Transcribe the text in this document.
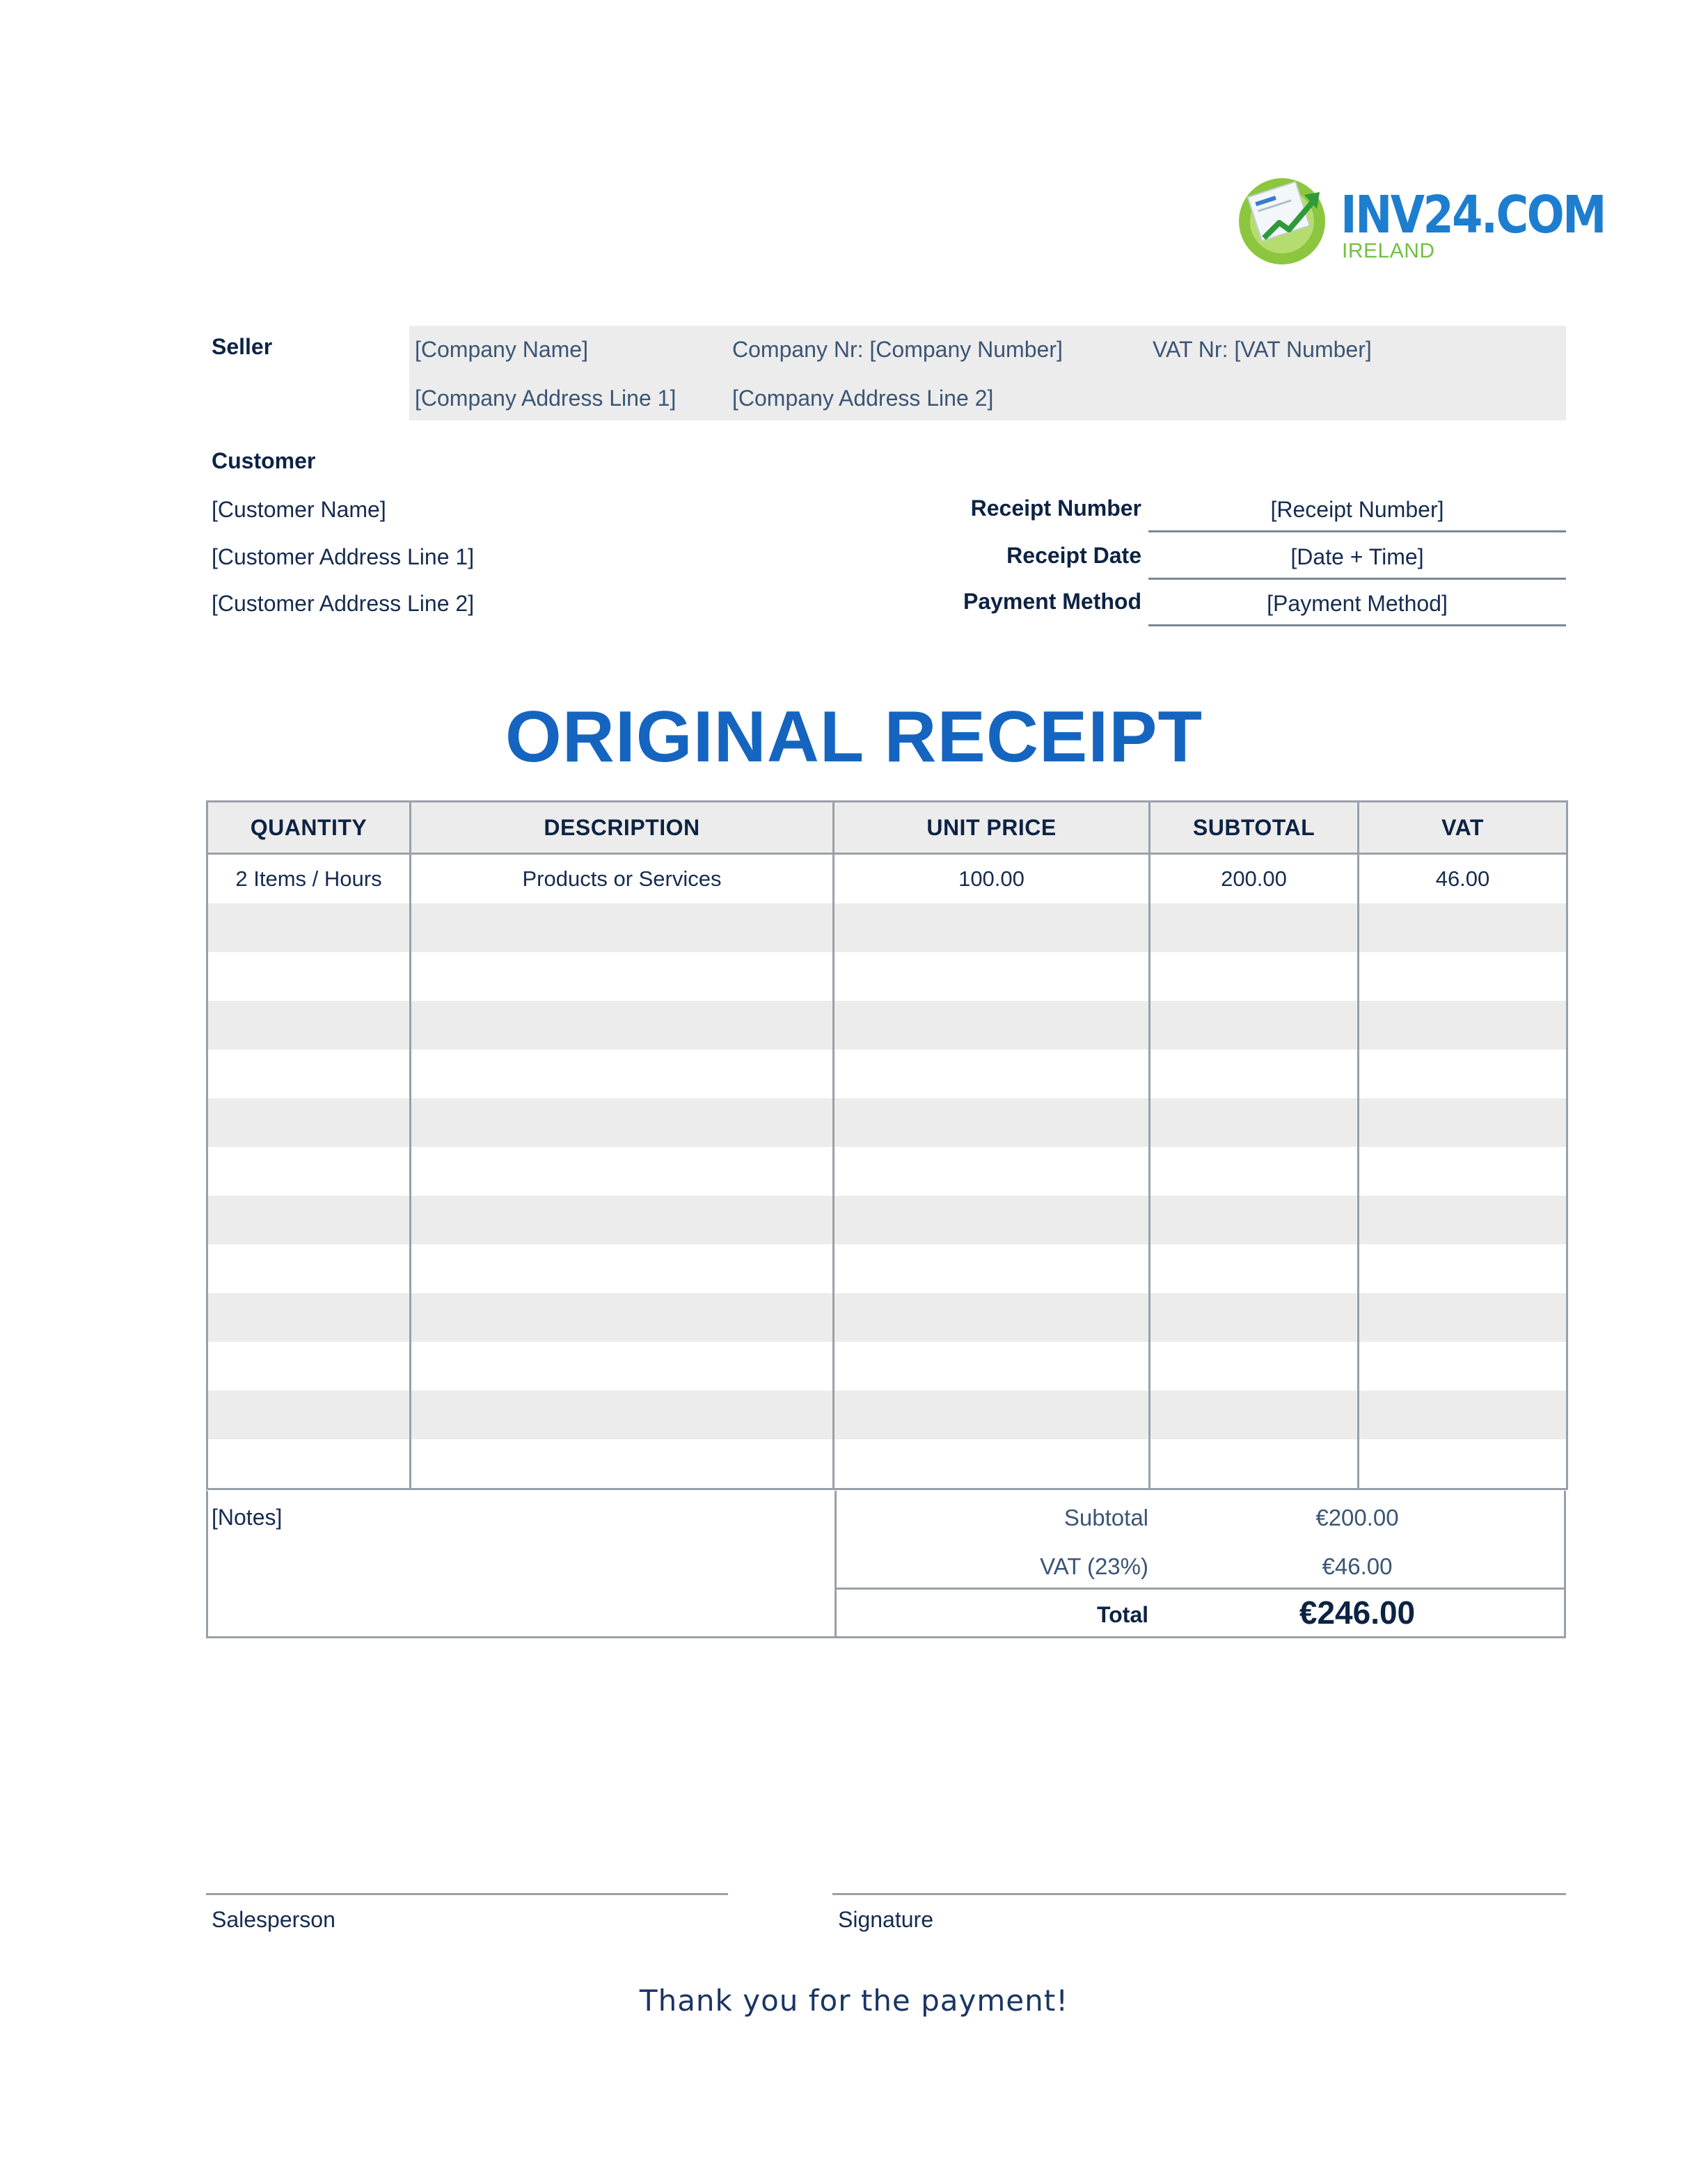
INV24.COM
IRELAND
Seller	[Company Name]	Company Nr: [Company Number]	VAT Nr: [VAT Number]
[Company Address Line 1]	[Company Address Line 2]
Customer
[Customer Name]
[Customer Address Line 1]
[Customer Address Line 2]
Receipt Number	[Receipt Number]
Receipt Date	[Date + Time]
Payment Method	[Payment Method]
ORIGINAL RECEIPT
QUANTITY	DESCRIPTION	UNIT PRICE	SUBTOTAL	VAT
2 Items / Hours	Products or Services	100.00	200.00	46.00

[Notes]	Subtotal	€200.00
VAT (23%)	€46.00
Total	€246.00
Salesperson	Signature
Thank you for the payment!
